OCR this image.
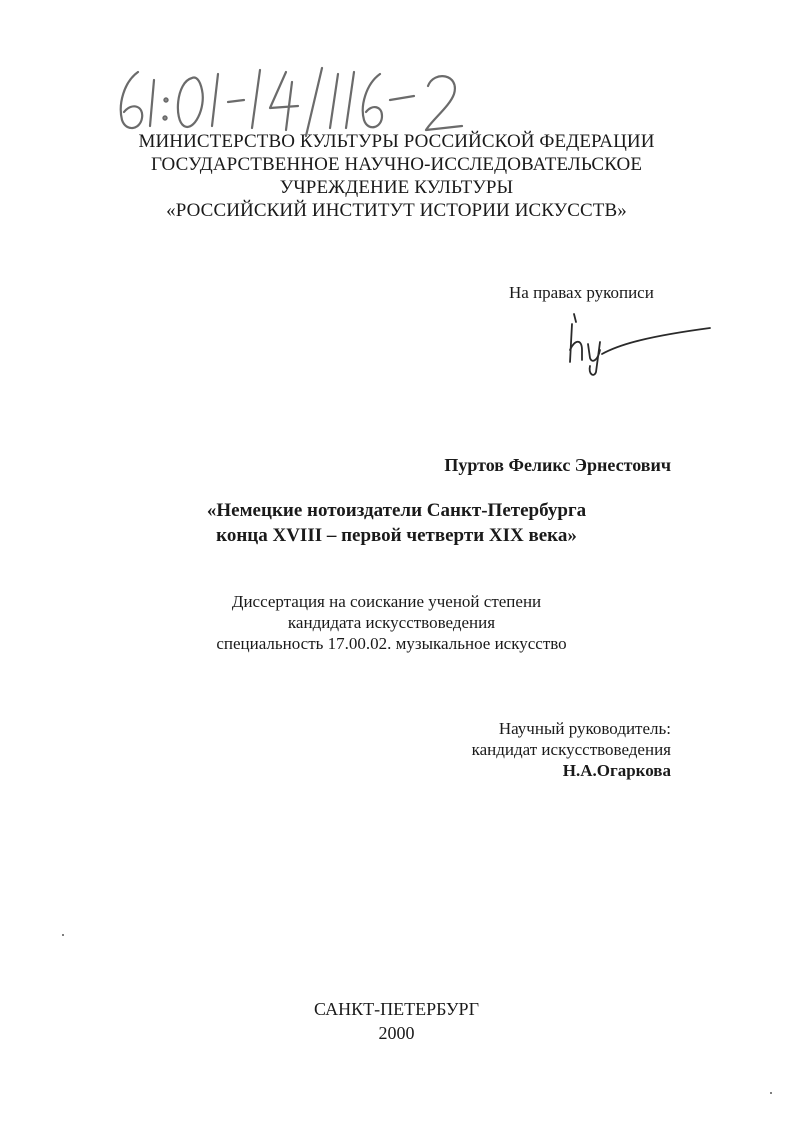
МИНИСТЕРСТВО КУЛЬТУРЫ РОССИЙСКОЙ ФЕДЕРАЦИИ
ГОСУДАРСТВЕННОЕ НАУЧНО-ИССЛЕДОВАТЕЛЬСКОЕ
УЧРЕЖДЕНИЕ КУЛЬТУРЫ
«РОССИЙСКИЙ ИНСТИТУТ ИСТОРИИ ИСКУССТВ»
На правах рукописи
Пуртов Феликс Эрнестович
«Немецкие нотоиздатели Санкт-Петербурга
конца XVIII – первой четверти XIX века»
Диссертация на соискание ученой степени
кандидата искусствоведения
специальность 17.00.02. музыкальное искусство
Научный руководитель:
кандидат искусствоведения
Н.А.Огаркова
САНКТ-ПЕТЕРБУРГ
2000
